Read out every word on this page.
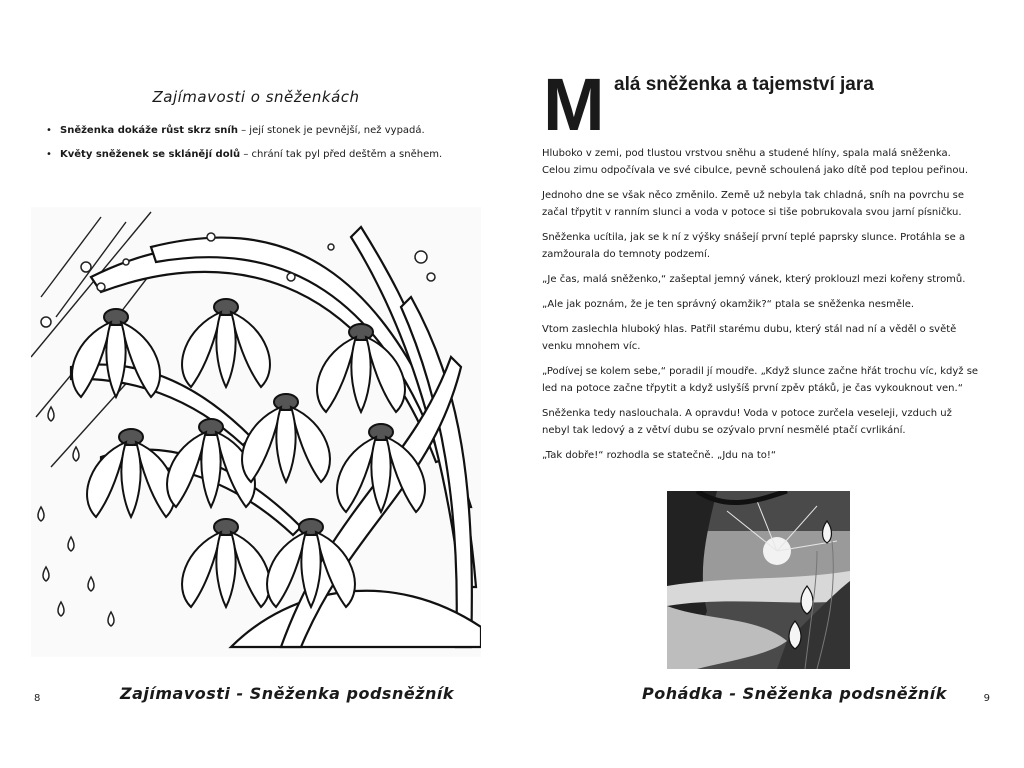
Zajímavosti o sněženkách
• Sněženka dokáže růst skrz sníh – její stonek je pevnější, než vypadá.
• Květy sněženek se sklánějí dolů – chrání tak pyl před deštěm a sněhem.
8	Zajímavosti - Sněženka podsněžník
M alá sněženka a tajemství jara

Hluboko v zemi, pod tlustou vrstvou sněhu a studené hlíny, spala malá sněženka. Celou zimu odpočívala ve své cibulce, pevně schoulená jako dítě pod teplou peřinou.

Jednoho dne se však něco změnilo. Země už nebyla tak chladná, sníh na povrchu se začal třpytit v ranním slunci a voda v potoce si tiše pobrukovala svou jarní písničku.

Sněženka ucítila, jak se k ní z výšky snášejí první teplé paprsky slunce. Protáhla se a zamžourala do temnoty podzemí.

„Je čas, malá sněženko,“ zašeptal jemný vánek, který proklouzl mezi kořeny stromů.

„Ale jak poznám, že je ten správný okamžik?“ ptala se sněženka nesměle.

Vtom zaslechla hluboký hlas. Patřil starému dubu, který stál nad ní a věděl o světě venku mnohem víc.

„Podívej se kolem sebe,“ poradil jí moudře. „Když slunce začne hřát trochu víc, když se led na potoce začne třpytit a když uslyšíš první zpěv ptáků, je čas vykouknout ven.“

Sněženka tedy naslouchala. A opravdu! Voda v potoce zurčela veseleji, vzduch už nebyl tak ledový a z větví dubu se ozývalo první nesmělé ptačí cvrlikání.

„Tak dobře!“ rozhodla se statečně. „Jdu na to!“

9
Pohádka - Sněženka podsněžník
